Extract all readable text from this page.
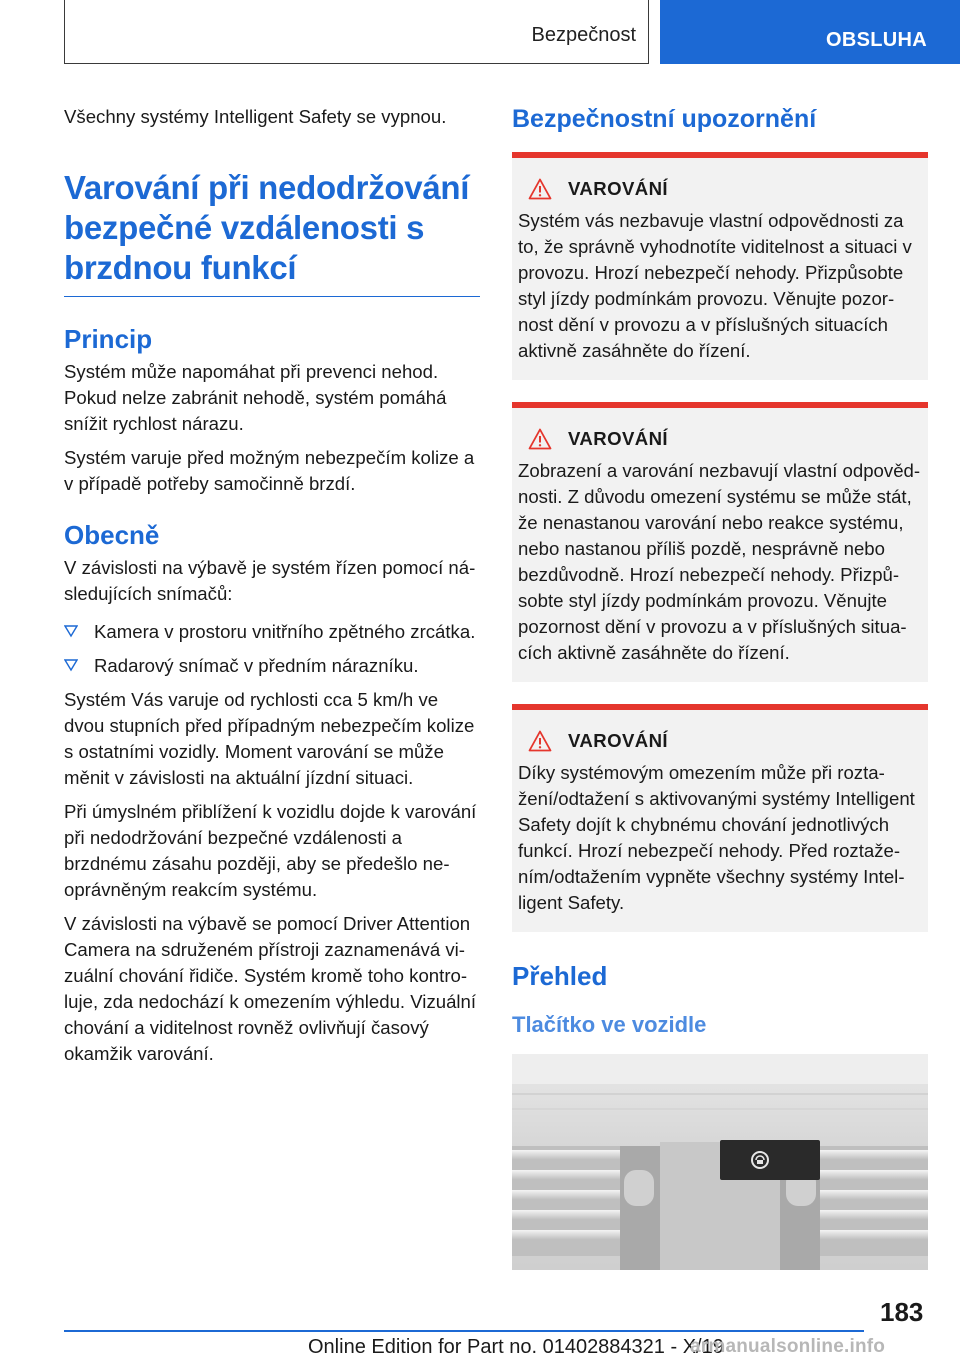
Bezpečnost	OBSLUHA

Všechny systémy Intelligent Safety se vypnou.

Varování při nedodržování bezpečné vzdálenosti s brzdnou funkcí
Princip

Systém může napomáhat při prevenci nehod. Pokud nelze zabránit nehodě, systém pomáhá snížit rychlost nárazu.

Systém varuje před možným nebezpečím kolize a v případě potřeby samočinně brzdí.

Obecně

V závislosti na výbavě je systém řízen pomocí následujících snímačů:

Kamera v prostoru vnitřního zpětného zrcátka.
Radarový snímač v předním nárazníku.

Systém Vás varuje od rychlosti cca 5 km/h ve dvou stupních před případným nebezpečím kolize s ostatními vozidly. Moment varování se může měnit v závislosti na aktuální jízdní situaci.

Při úmyslném přiblížení k vozidlu dojde k varování při nedodržování bezpečné vzdálenosti a brzdnému zásahu později, aby se předešlo neoprávněným reakcím systému.

V závislosti na výbavě se pomocí Driver Attention Camera na sdruženém přístroji zaznamenává vizuální chování řidiče. Systém kromě toho kontroluje, zda nedochází k omezením výhledu. Vizuální chování a viditelnost rovněž ovlivňují časový okamžik varování.

Bezpečnostní upozornění
VAROVÁNÍ
Systém vás nezbavuje vlastní odpovědnosti za to, že správně vyhodnotíte viditelnost a situaci v provozu. Hrozí nebezpečí nehody. Přizpůsobte styl jízdy podmínkám provozu. Věnujte pozornost dění v provozu a v příslušných situacích aktivně zasáhněte do řízení.
VAROVÁNÍ
Zobrazení a varování nezbavují vlastní odpovědnosti. Z důvodu omezení systému se může stát, že nenastanou varování nebo reakce systému, nebo nastanou příliš pozdě, nesprávně nebo bezdůvodně. Hrozí nebezpečí nehody. Přizpůsobte styl jízdy podmínkám provozu. Věnujte pozornost dění v provozu a v příslušných situacích aktivně zasáhněte do řízení.
VAROVÁNÍ
Díky systémovým omezením může při roztažení/odtažení s aktivovanými systémy Intelligent Safety dojít k chybnému chování jednotlivých funkcí. Hrozí nebezpečí nehody. Před roztažením/odtažením vypněte všechny systémy Intelligent Safety.
Přehled
Tlačítko ve vozidle
183
Online Edition for Part no. 01402884321 - X/19
armanualsonline.info
